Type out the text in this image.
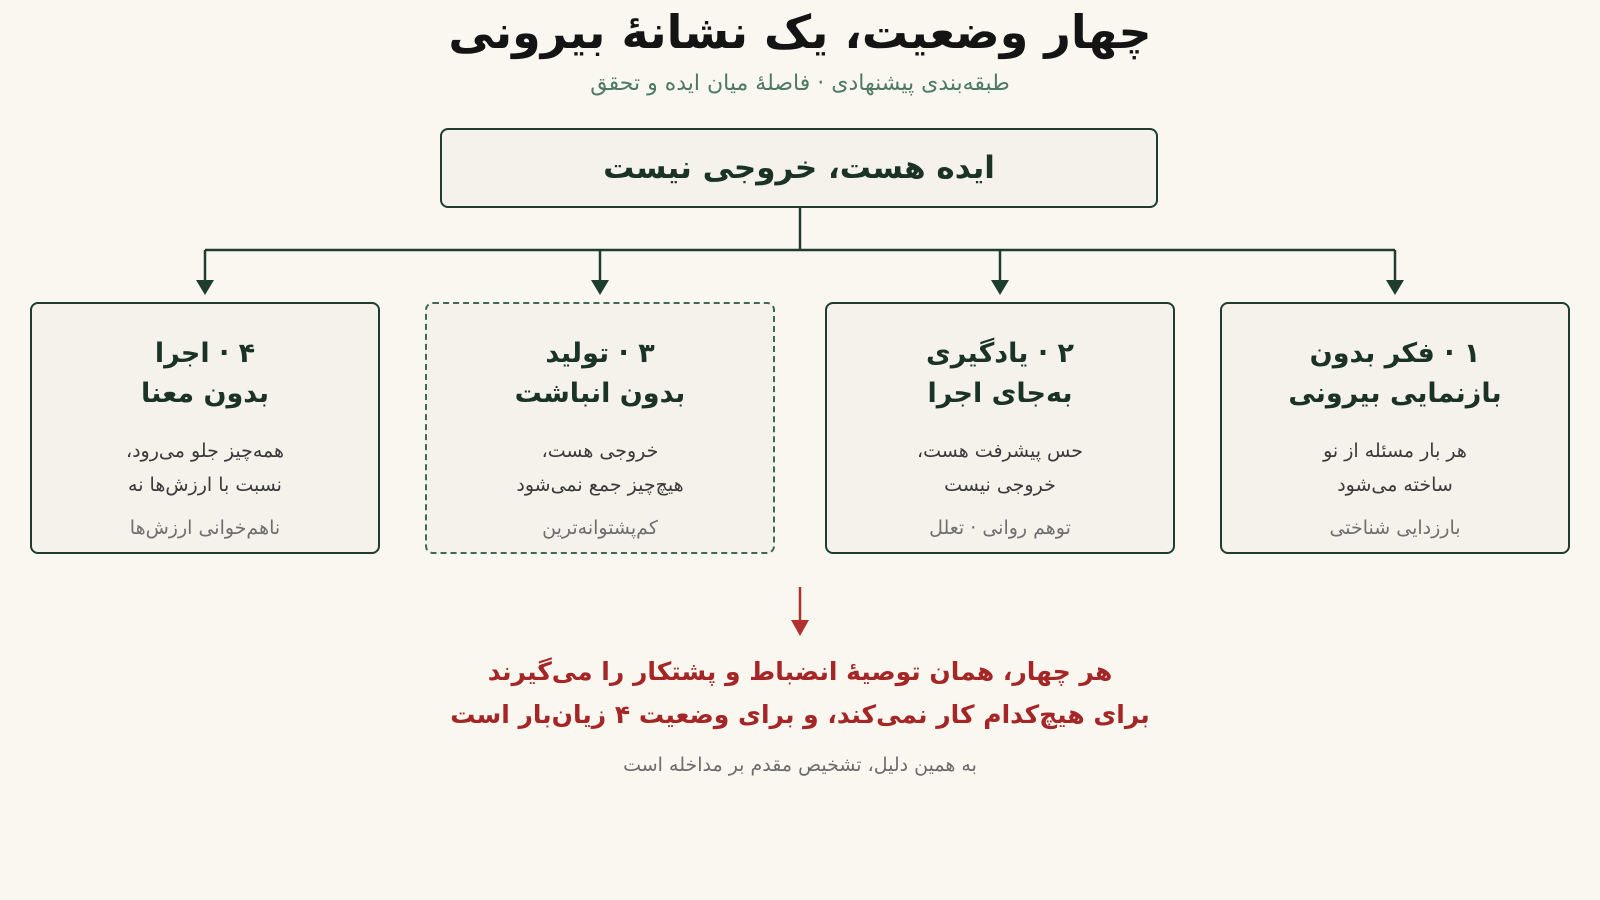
چهار وضعیت، یک نشانهٔ بیرونی
طبقه‌بندی پیشنهادی · فاصلهٔ میان ایده و تحقق
ایده هست، خروجی نیست
۱ · فکر بدون
بازنمایی بیرونی
هر بار مسئله از نو
ساخته می‌شود
بارزدایی شناختی
۲ · یادگیری
به‌جای اجرا
حس پیشرفت هست،
خروجی نیست
توهم روانی · تعلل
۳ · تولید
بدون انباشت
خروجی هست،
هیچ‌چیز جمع نمی‌شود
کم‌پشتوانه‌ترین
۴ · اجرا
بدون معنا
همه‌چیز جلو می‌رود،
نسبت با ارزش‌ها نه
ناهم‌خوانی ارزش‌ها
هر چهار، همان توصیهٔ انضباط و پشتکار را می‌گیرند
برای هیچ‌کدام کار نمی‌کند، و برای وضعیت ۴ زیان‌بار است
به همین دلیل، تشخیص مقدم بر مداخله است
